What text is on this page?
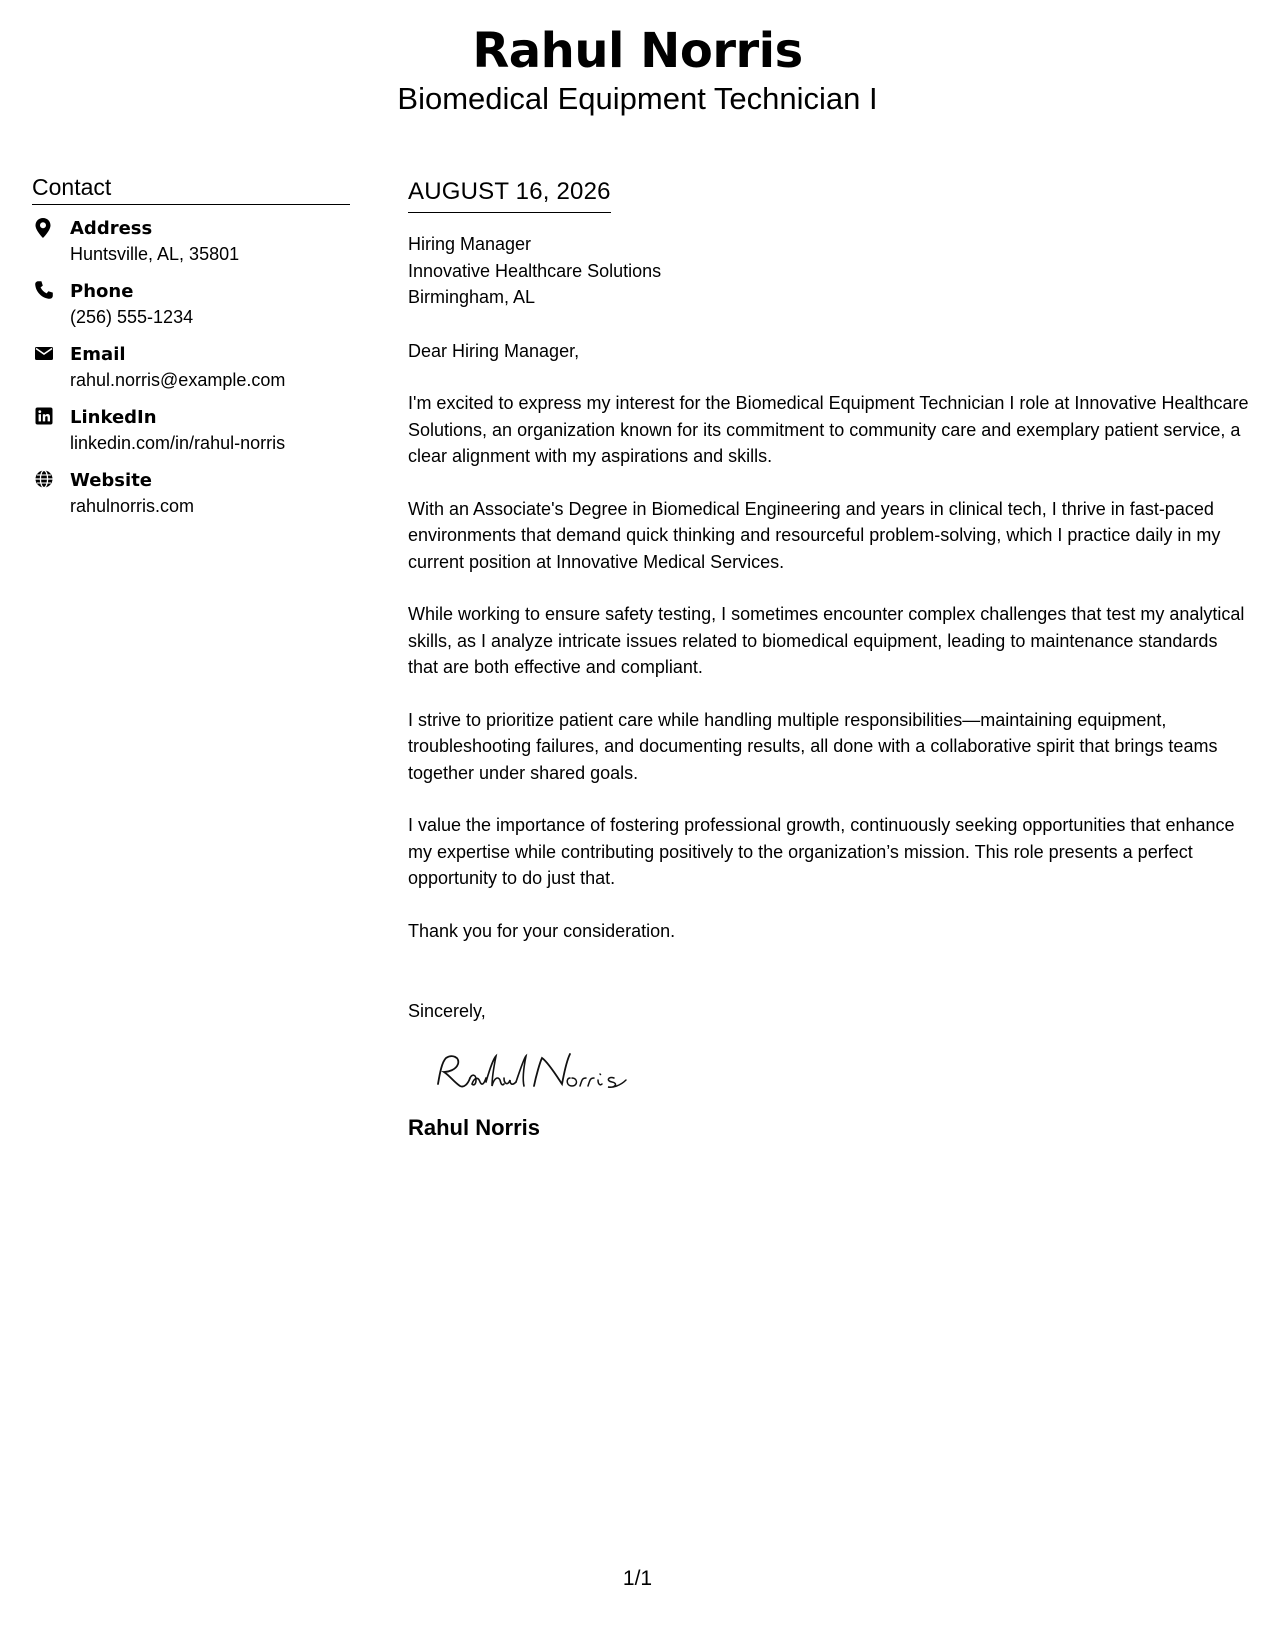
Rahul Norris
Biomedical Equipment Technician I
Contact
Address
Huntsville, AL, 35801
Phone
(256) 555-1234
Email
rahul.norris@example.com
LinkedIn
linkedin.com/in/rahul-norris
Website
rahulnorris.com
AUGUST 16, 2026
Hiring Manager
Innovative Healthcare Solutions
Birmingham, AL

Dear Hiring Manager,

I'm excited to express my interest for the Biomedical Equipment Technician I role at Innovative Healthcare Solutions, an organization known for its commitment to community care and exemplary patient service, a clear alignment with my aspirations and skills.

With an Associate's Degree in Biomedical Engineering and years in clinical tech, I thrive in fast-paced environments that demand quick thinking and resourceful problem-solving, which I practice daily in my current position at Innovative Medical Services.

While working to ensure safety testing, I sometimes encounter complex challenges that test my analytical skills, as I analyze intricate issues related to biomedical equipment, leading to maintenance standards that are both effective and compliant.

I strive to prioritize patient care while handling multiple responsibilities—maintaining equipment, troubleshooting failures, and documenting results, all done with a collaborative spirit that brings teams together under shared goals.

I value the importance of fostering professional growth, continuously seeking opportunities that enhance my expertise while contributing positively to the organization’s mission. This role presents a perfect opportunity to do just that.

Thank you for your consideration.

Sincerely,
Rahul Norris
1/1
